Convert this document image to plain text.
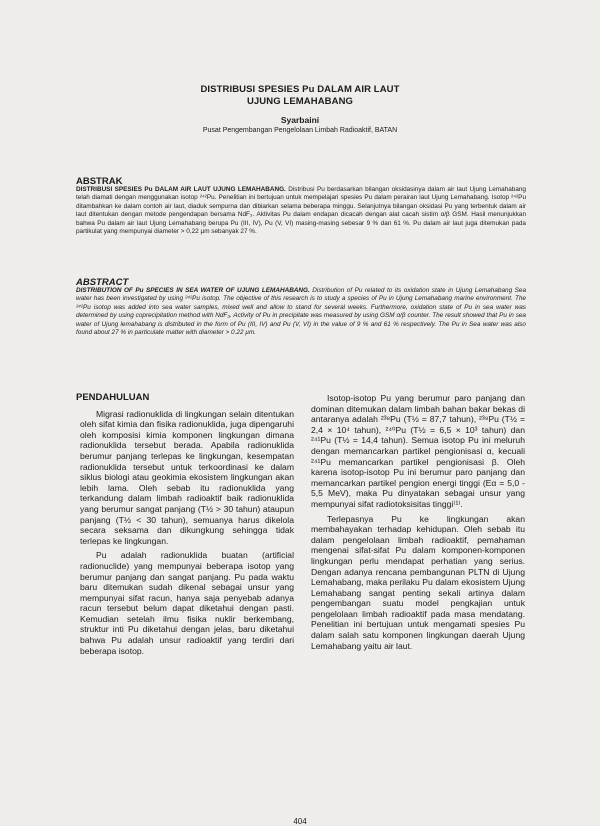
DISTRIBUSI SPESIES Pu DALAM AIR LAUT
UJUNG LEMAHABANG
Syarbaini
Pusat Pengembangan Pengelolaan Limbah Radioaktif, BATAN
ABSTRAK
DISTRIBUSI SPESIES Pu DALAM AIR LAUT UJUNG LEMAHABANG. Distribusi Pu berdasarkan bilangan oksidasinya dalam air laut Ujung Lemahabang telah diamati dengan menggunakan isotop ²⁴²Pu. Penelitian ini bertujuan untuk mempelajari spesies Pu dalam perairan laut Ujung Lemahabang. Isotop ²⁴²Pu ditambahkan ke dalam contoh air laut, diaduk sempurna dan dibiarkan selama beberapa minggu. Selanjutnya bilangan oksidasi Pu yang terbentuk dalam air laut ditentukan dengan metode pengendapan bersama NdF₃. Aktivitas Pu dalam endapan dicacah dengan alat cacah sistim α/β GSM. Hasil menunjukkan bahwa Pu dalam air laut Ujung Lemahabang berupa Pu (III, IV), Pu (V, VI) masing-masing sebesar 9 % dan 61 %. Pu dalam air laut juga ditemukan pada partikulat yang mempunyai diameter > 0,22 µm sebanyak 27 %.
ABSTRACT
DISTRIBUTION OF Pu SPECIES IN SEA WATER OF UJUNG LEMAHABANG. Distribution of Pu related to its oxidation state in Ujung Lemahabang Sea water has been investigated by using ²⁴²Pu isotop. The objective of this research is to study a species of Pu in Ujung Lemahabang marine environment. The ²⁴²Pu isotop was added into sea water samples, mixed well and allow to stand for several weeks. Furthermore, oxidation state of Pu in sea water was determined by using coprecipitation method with NdF₃. Activity of Pu in precipitate was measured by using GSM α/β counter. The result showed that Pu in sea water of Ujung lemahabang is distributed in the form of Pu (III, IV) and Pu (V, VI) in the value of 9 % and 61 % respectively. The Pu in Sea water was also found about 27 % in particulate matter with diameter > 0.22 µm.
PENDAHULUAN

Migrasi radionuklida di lingkungan selain ditentukan oleh sifat kimia dan fisika radionuklida, juga dipengaruhi oleh komposisi kimia komponen lingkungan dimana radionuklida tersebut berada. Apabila radionuklida berumur panjang terlepas ke lingkungan, kesempatan radionuklida tersebut untuk terkoordinasi ke dalam siklus biologi atau geokimia ekosistem lingkungan akan lebih lama. Oleh sebab itu radionuklida yang terkandung dalam limbah radioaktif baik radionuklida yang berumur sangat panjang (T½ > 30 tahun) ataupun panjang (T½ < 30 tahun), semuanya harus dikelola secara seksama dan dikungkung sehingga tidak terlepas ke lingkungan.

Pu adalah radionuklida buatan (artificial radionuclide) yang mempunyai beberapa isotop yang berumur panjang dan sangat panjang. Pu pada waktu baru ditemukan sudah dikenal sebagai unsur yang mempunyai sifat racun, hanya saja penyebab adanya racun tersebut belum dapat diketahui dengan pasti. Kemudian setelah ilmu fisika nuklir berkembang, struktur inti Pu diketahui dengan jelas, baru diketahui bahwa Pu adalah unsur radioaktif yang terdiri dari beberapa isotop.

Isotop-isotop Pu yang berumur paro panjang dan dominan ditemukan dalam limbah bahan bakar bekas di antaranya adalah ²³⁸Pu (T½ = 87,7 tahun), ²³⁹Pu (T½ = 2,4 × 10⁴ tahun), ²⁴⁰Pu (T½ = 6,5 × 10³ tahun) dan ²⁴¹Pu (T½ = 14,4 tahun). Semua isotop Pu ini meluruh dengan memancarkan partikel pengionisasi α, kecuali ²⁴¹Pu memancarkan partikel pengionisasi β. Oleh karena isotop-isotop Pu ini berumur paro panjang dan memancarkan partikel pengion energi tinggi (Eα = 5,0 - 5,5 MeV), maka Pu dinyatakan sebagai unsur yang mempunyai sifat radiotoksisitas tinggi⁽¹⁾.

Terlepasnya Pu ke lingkungan akan membahayakan terhadap kehidupan. Oleh sebab itu dalam pengelolaan limbah radioaktif, pemahaman mengenai sifat-sifat Pu dalam komponen-komponen lingkungan perlu mendapat perhatian yang serius. Dengan adanya rencana pembangunan PLTN di Ujung Lemahabang, maka perilaku Pu dalam ekosistem Ujung Lemahabang sangat penting sekali artinya dalam pengembangan suatu model pengkajian untuk pengelolaan limbah radioaktif pada masa mendatang. Penelitian ini bertujuan untuk mengamati spesies Pu dalam salah satu komponen lingkungan daerah Ujung Lemahabang yaitu air laut.

404
